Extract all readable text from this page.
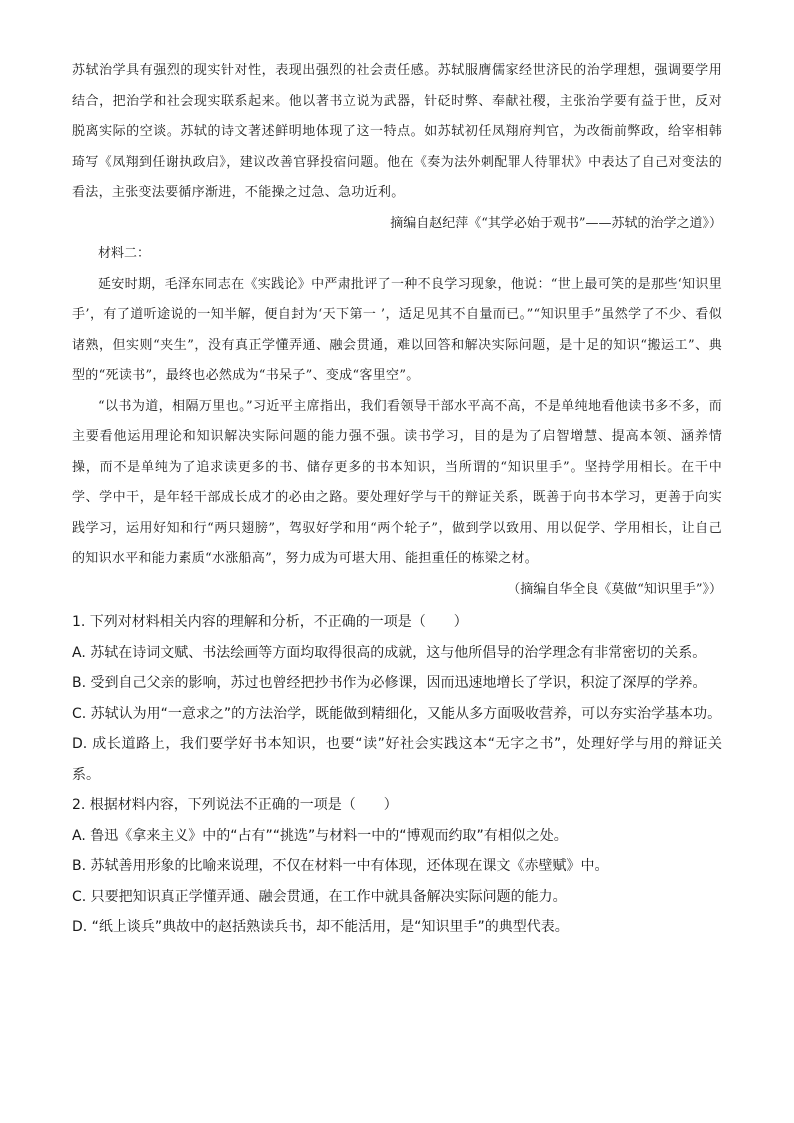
苏轼治学具有强烈的现实针对性，表现出强烈的社会责任感。苏轼服膺儒家经世济民的治学理想，强调要学用结合，把治学和社会现实联系起来。他以著书立说为武器，针砭时弊、奉献社稷，主张治学要有益于世，反对脱离实际的空谈。苏轼的诗文著述鲜明地体现了这一特点。如苏轼初任凤翔府判官，为改衙前弊政，给宰相韩琦写《凤翔到任谢执政启》，建议改善官驿投宿问题。他在《奏为法外刺配罪人待罪状》中表达了自己对变法的看法，主张变法要循序渐进，不能操之过急、急功近利。

摘编自赵纪萍《“其学必始于观书”——苏轼的治学之道》）

材料二：

延安时期，毛泽东同志在《实践论》中严肃批评了一种不良学习现象，他说：“世上最可笑的是那些‘知识里手’，有了道听途说的一知半解，便自封为‘天下第一 ’，适足见其不自量而已。”“知识里手”虽然学了不少、看似诸熟，但实则“夹生”，没有真正学懂弄通、融会贯通，难以回答和解决实际问题，是十足的知识“搬运工”、典型的“死读书”，最终也必然成为“书呆子”、变成“客里空”。

“以书为道，相隔万里也。”习近平主席指出，我们看领导干部水平高不高，不是单纯地看他读书多不多，而主要看他运用理论和知识解决实际问题的能力强不强。读书学习，目的是为了启智增慧、提高本领、涵养情操，而不是单纯为了追求读更多的书、储存更多的书本知识，当所谓的“知识里手”。坚持学用相长。在干中学、学中干，是年轻干部成长成才的必由之路。要处理好学与干的辩证关系，既善于向书本学习，更善于向实践学习，运用好知和行“两只翅膀”，驾驭好学和用“两个轮子”，做到学以致用、用以促学、学用相长，让自己的知识水平和能力素质“水涨船高”，努力成为可堪大用、能担重任的栋梁之材。

（摘编自华全良《莫做“知识里手”》）

1. 下列对材料相关内容的理解和分析，不正确的一项是（　　）

A. 苏轼在诗词文赋、书法绘画等方面均取得很高的成就，这与他所倡导的治学理念有非常密切的关系。

B. 受到自己父亲的影响，苏过也曾经把抄书作为必修课，因而迅速地增长了学识，积淀了深厚的学养。

C. 苏轼认为用“一意求之”的方法治学，既能做到精细化，又能从多方面吸收营养，可以夯实治学基本功。

D. 成长道路上，我们要学好书本知识，也要“读”好社会实践这本“无字之书”，处理好学与用的辩证关系。

2. 根据材料内容，下列说法不正确的一项是（　　）

A. 鲁迅《拿来主义》中的“占有”“挑选”与材料一中的“博观而约取”有相似之处。

B. 苏轼善用形象的比喻来说理，不仅在材料一中有体现，还体现在课文《赤壁赋》中。

C. 只要把知识真正学懂弄通、融会贯通，在工作中就具备解决实际问题的能力。

D. “纸上谈兵”典故中的赵括熟读兵书，却不能活用，是“知识里手”的典型代表。
